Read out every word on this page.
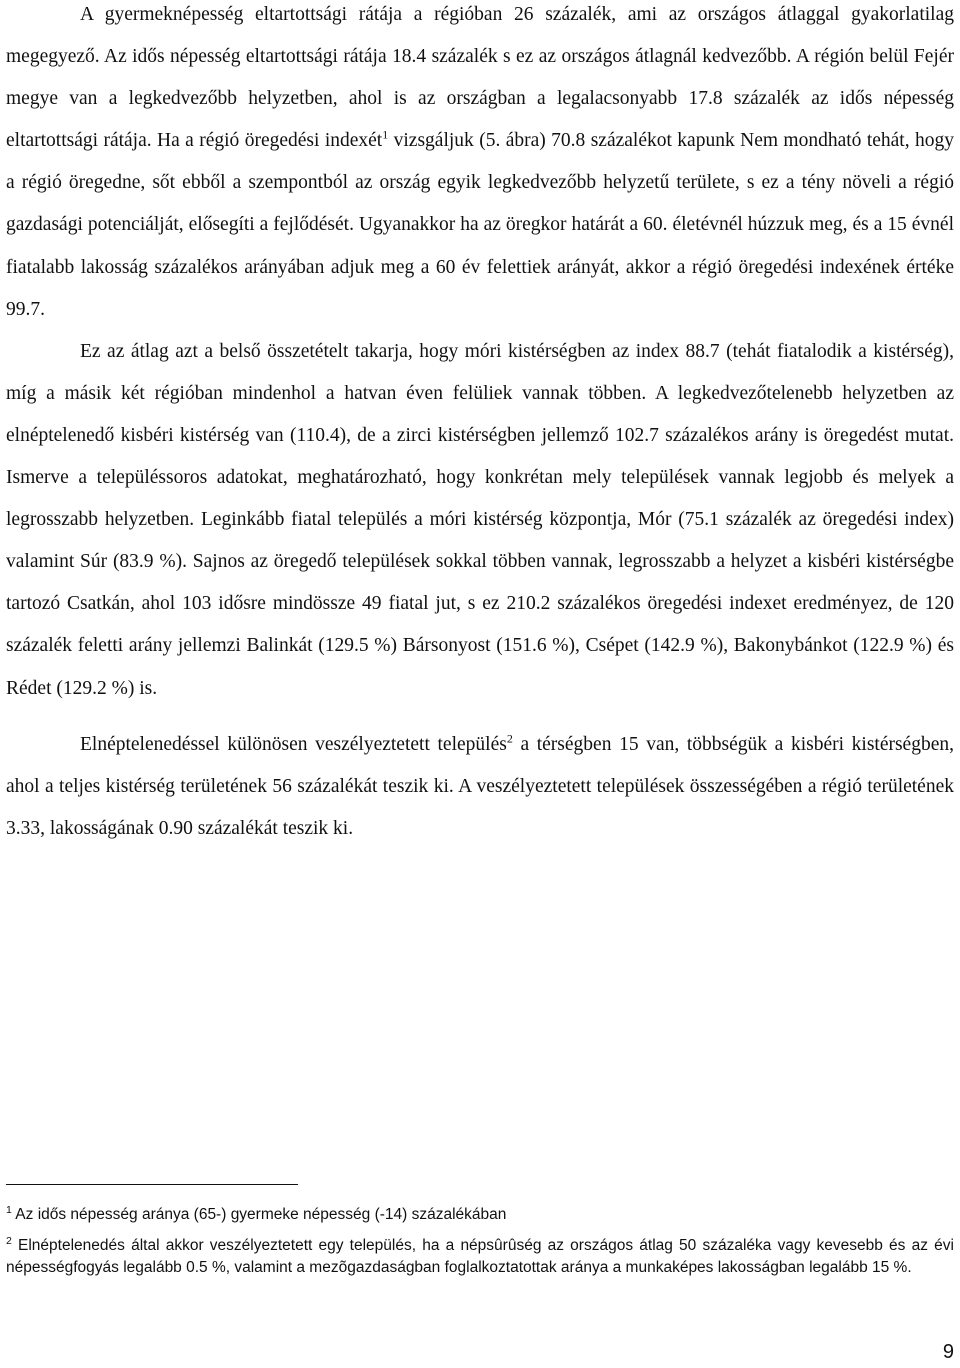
A gyermeknépesség eltartottsági rátája a régióban 26 százalék, ami az országos átlaggal gyakorlatilag megegyező. Az idős népesség eltartottsági rátája 18.4 százalék s ez az országos átlagnál kedvezőbb. A régión belül Fejér megye van a legkedvezőbb helyzetben, ahol is az országban a legalacsonyabb 17.8 százalék az idős népesség eltartottsági rátája. Ha a régió öregedési indexét$^1$ vizsgáljuk (5. ábra) 70.8 százalékot kapunk Nem mondható tehát, hogy a régió öregedne, sőt ebből a szempontból az ország egyik legkedvezőbb helyzetű területe, s ez a tény növeli a régió gazdasági potenciálját, elősegíti a fejlődését. Ugyanakkor ha az öregkor határát a 60. életévnél húzzuk meg, és a 15 évnél fiatalabb lakosság százalékos arányában adjuk meg a 60 év felettiek arányát, akkor a régió öregedési indexének értéke 99.7.

Ez az átlag azt a belső összetételt takarja, hogy móri kistérségben az index 88.7 (tehát fiatalodik a kistérség), míg a másik két régióban mindenhol a hatvan éven felüliek vannak többen. A legkedvezőtelenebb helyzetben az elnéptelenedő kisbéri kistérség van (110.4), de a zirci kistérségben jellemző 102.7 százalékos arány is öregedést mutat. Ismerve a településsoros adatokat, meghatározható, hogy konkrétan mely települések vannak legjobb és melyek a legrosszabb helyzetben. Leginkább fiatal település a móri kistérség központja, Mór (75.1 százalék az öregedési index) valamint Súr (83.9 %). Sajnos az öregedő települések sokkal többen vannak, legrosszabb a helyzet a kisbéri kistérségbe tartozó Csatkán, ahol 103 idősre mindössze 49 fiatal jut, s ez 210.2 százalékos öregedési indexet eredményez, de 120 százalék feletti arány jellemzi Balinkát (129.5 %) Bársonyost (151.6 %), Csépet (142.9 %), Bakonybánkot (122.9 %) és Rédet (129.2 %) is.

Elnéptelenedéssel különösen veszélyeztetett település$^2$ a térségben 15 van, többségük a kisbéri kistérségben, ahol a teljes kistérség területének 56 százalékát teszik ki. A veszélyeztetett települések összességében a régió területének 3.33, lakosságának 0.90 százalékát teszik ki.

$^1$ Az idős népesség aránya (65-) gyermeke népesség (-14) százalékában

$^2$ Elnéptelenedés által akkor veszélyeztetett egy település, ha a népsûrûség az országos átlag 50 százaléka vagy kevesebb és az évi népességfogyás legalább 0.5 %, valamint a mezõgazdaságban foglalkoztatottak aránya a munkaképes lakosságban legalább 15 %.

9
